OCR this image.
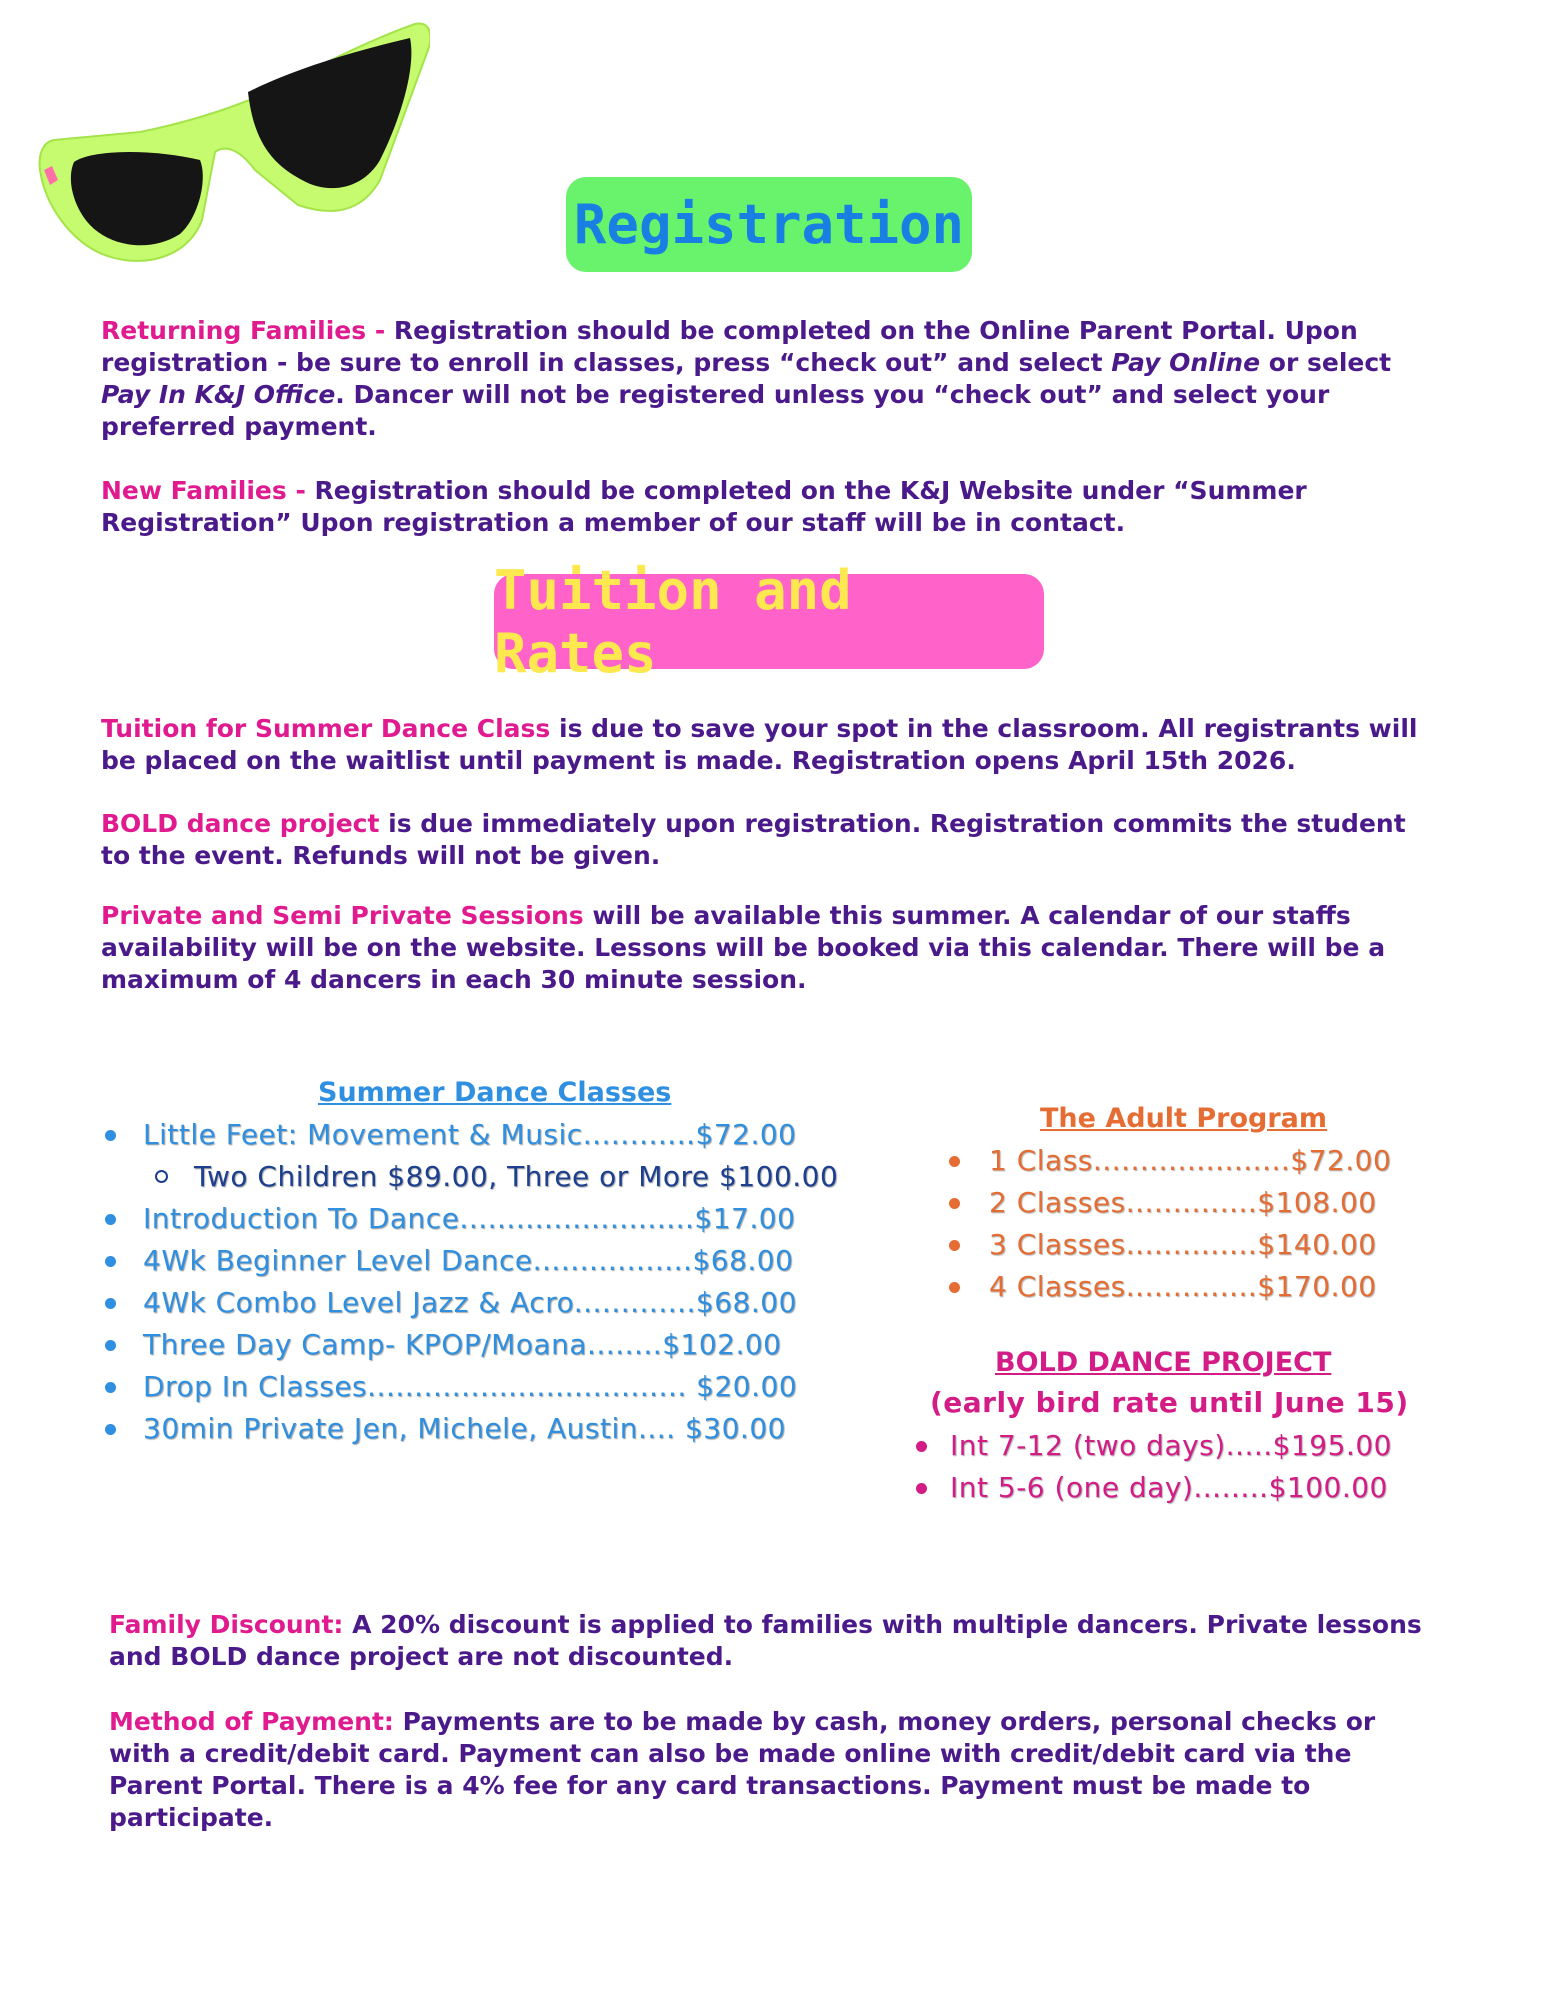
Registration
Returning Families - Registration should be completed on the Online Parent Portal. Upon registration - be sure to enroll in classes, press “check out” and select Pay Online or select Pay In K&J Office. Dancer will not be registered unless you “check out” and select your preferred payment.
New Families - Registration should be completed on the K&J Website under “Summer Registration” Upon registration a member of our staff will be in contact.
Tuition and Rates
Tuition for Summer Dance Class is due to save your spot in the classroom. All registrants will be placed on the waitlist until payment is made. Registration opens April 15th 2026.
BOLD dance project is due immediately upon registration. Registration commits the student to the event. Refunds will not be given.
Private and Semi Private Sessions will be available this summer. A calendar of our staffs availability will be on the website. Lessons will be booked via this calendar. There will be a maximum of 4 dancers in each 30 minute session.
Summer Dance Classes
Little Feet: Movement & Music............$72.00
Two Children $89.00, Three or More $100.00
Introduction To Dance.........................$17.00
4Wk Beginner Level Dance.................$68.00
4Wk Combo Level Jazz & Acro.............$68.00
Three Day Camp- KPOP/Moana........$102.00
Drop In Classes.................................. $20.00
30min Private Jen, Michele, Austin.... $30.00
The Adult Program
1 Class.....................$72.00
2 Classes..............$108.00
3 Classes..............$140.00
4 Classes..............$170.00
BOLD DANCE PROJECT
(early bird rate until June 15)
Int 7-12 (two days).....$195.00
Int 5-6 (one day)........$100.00
Family Discount: A 20% discount is applied to families with multiple dancers. Private lessons and BOLD dance project are not discounted.
Method of Payment: Payments are to be made by cash, money orders, personal checks or with a credit/debit card. Payment can also be made online with credit/debit card via the Parent Portal. There is a 4% fee for any card transactions. Payment must be made to participate.
